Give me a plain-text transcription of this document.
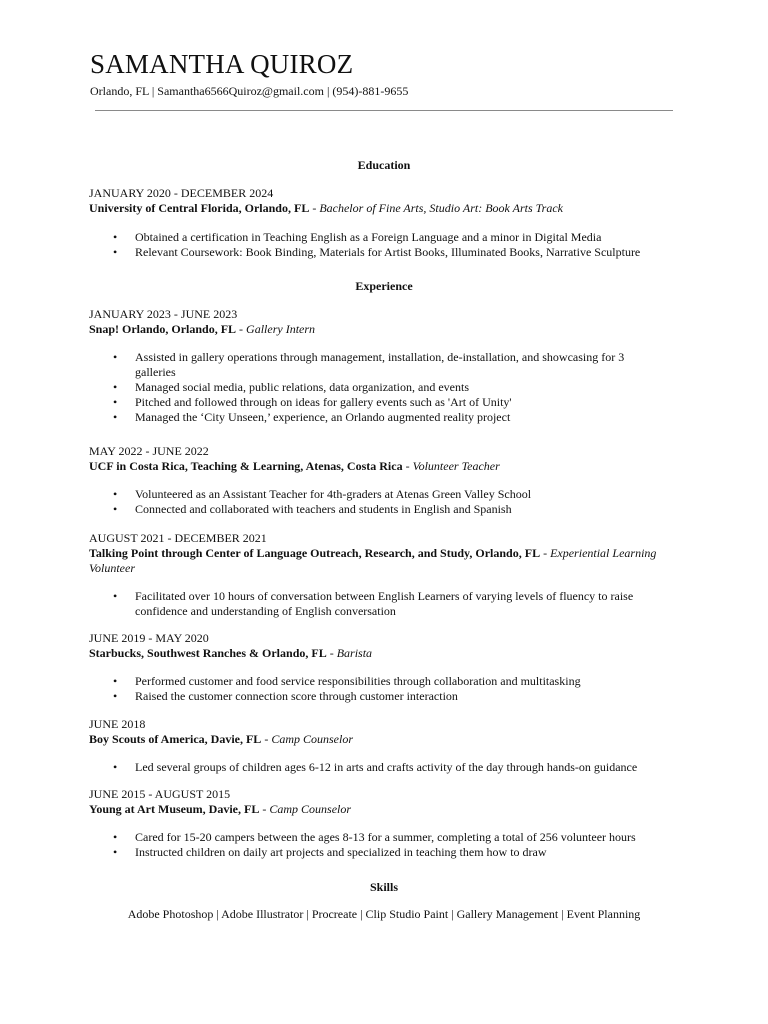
SAMANTHA QUIROZ
Orlando, FL | Samantha6566Quiroz@gmail.com | (954)-881-9655
Education
JANUARY 2020 - DECEMBER 2024
University of Central Florida, Orlando, FL - Bachelor of Fine Arts, Studio Art: Book Arts Track
• Obtained a certification in Teaching English as a Foreign Language and a minor in Digital Media
• Relevant Coursework: Book Binding, Materials for Artist Books, Illuminated Books, Narrative Sculpture
Experience
JANUARY 2023 - JUNE 2023
Snap! Orlando, Orlando, FL - Gallery Intern
• Assisted in gallery operations through management, installation, de-installation, and showcasing for 3 galleries
• Managed social media, public relations, data organization, and events
• Pitched and followed through on ideas for gallery events such as 'Art of Unity'
• Managed the ‘City Unseen,’ experience, an Orlando augmented reality project
MAY 2022 - JUNE 2022
UCF in Costa Rica, Teaching & Learning, Atenas, Costa Rica - Volunteer Teacher
• Volunteered as an Assistant Teacher for 4th-graders at Atenas Green Valley School
• Connected and collaborated with teachers and students in English and Spanish
AUGUST 2021 - DECEMBER 2021
Talking Point through Center of Language Outreach, Research, and Study, Orlando, FL - Experiential Learning Volunteer
• Facilitated over 10 hours of conversation between English Learners of varying levels of fluency to raise confidence and understanding of English conversation
JUNE 2019 - MAY 2020
Starbucks, Southwest Ranches & Orlando, FL - Barista
• Performed customer and food service responsibilities through collaboration and multitasking
• Raised the customer connection score through customer interaction
JUNE 2018
Boy Scouts of America, Davie, FL - Camp Counselor
• Led several groups of children ages 6-12 in arts and crafts activity of the day through hands-on guidance
JUNE 2015 - AUGUST 2015
Young at Art Museum, Davie, FL - Camp Counselor
• Cared for 15-20 campers between the ages 8-13 for a summer, completing a total of 256 volunteer hours
• Instructed children on daily art projects and specialized in teaching them how to draw
Skills
Adobe Photoshop | Adobe Illustrator | Procreate | Clip Studio Paint | Gallery Management | Event Planning
